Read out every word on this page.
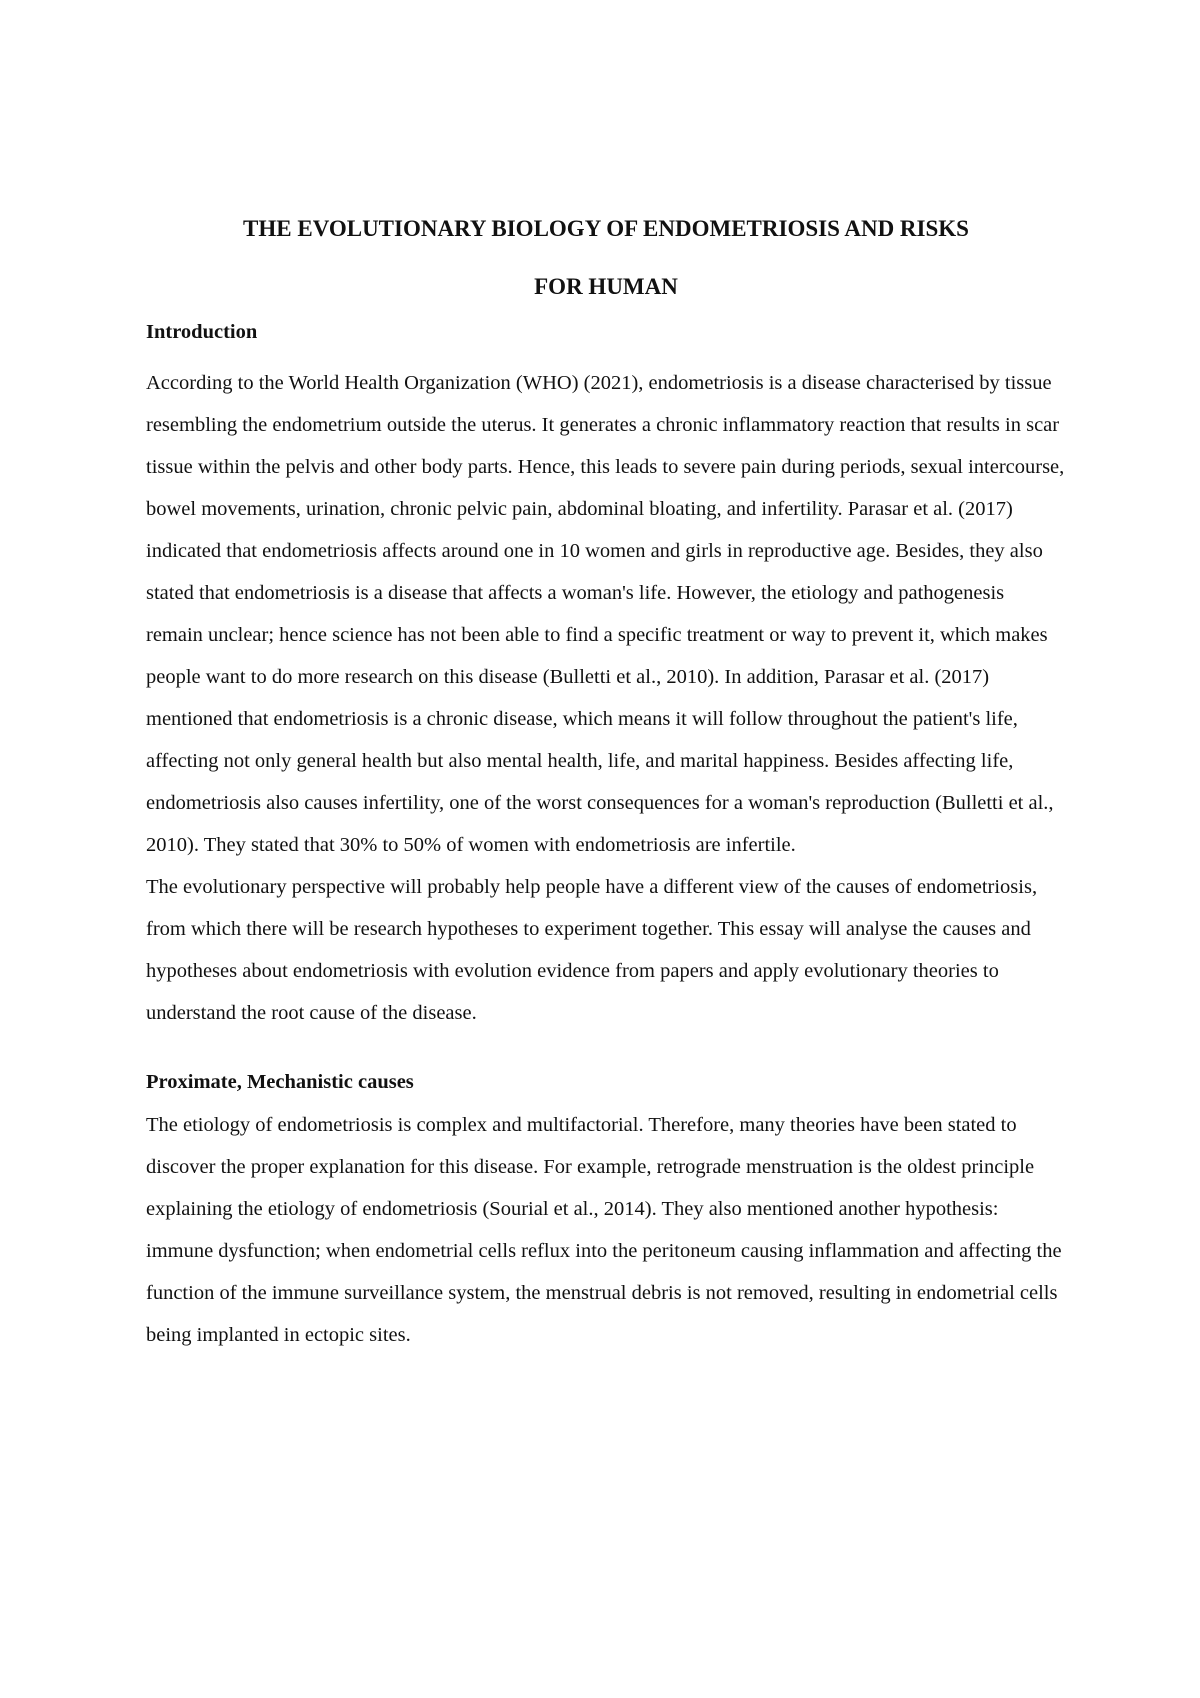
THE EVOLUTIONARY BIOLOGY OF ENDOMETRIOSIS AND RISKS
FOR HUMAN
Introduction

According to the World Health Organization (WHO) (2021), endometriosis is a disease characterised by tissue resembling the endometrium outside the uterus. It generates a chronic inflammatory reaction that results in scar tissue within the pelvis and other body parts. Hence, this leads to severe pain during periods, sexual intercourse, bowel movements, urination, chronic pelvic pain, abdominal bloating, and infertility. Parasar et al. (2017) indicated that endometriosis affects around one in 10 women and girls in reproductive age. Besides, they also stated that endometriosis is a disease that affects a woman's life. However, the etiology and pathogenesis remain unclear; hence science has not been able to find a specific treatment or way to prevent it, which makes people want to do more research on this disease (Bulletti et al., 2010). In addition, Parasar et al. (2017) mentioned that endometriosis is a chronic disease, which means it will follow throughout the patient's life, affecting not only general health but also mental health, life, and marital happiness. Besides affecting life, endometriosis also causes infertility, one of the worst consequences for a woman's reproduction (Bulletti et al., 2010). They stated that 30% to 50% of women with endometriosis are infertile.

The evolutionary perspective will probably help people have a different view of the causes of endometriosis, from which there will be research hypotheses to experiment together. This essay will analyse the causes and hypotheses about endometriosis with evolution evidence from papers and apply evolutionary theories to understand the root cause of the disease.

Proximate, Mechanistic causes

The etiology of endometriosis is complex and multifactorial. Therefore, many theories have been stated to discover the proper explanation for this disease. For example, retrograde menstruation is the oldest principle explaining the etiology of endometriosis (Sourial et al., 2014). They also mentioned another hypothesis: immune dysfunction; when endometrial cells reflux into the peritoneum causing inflammation and affecting the function of the immune surveillance system, the menstrual debris is not removed, resulting in endometrial cells being implanted in ectopic sites.
